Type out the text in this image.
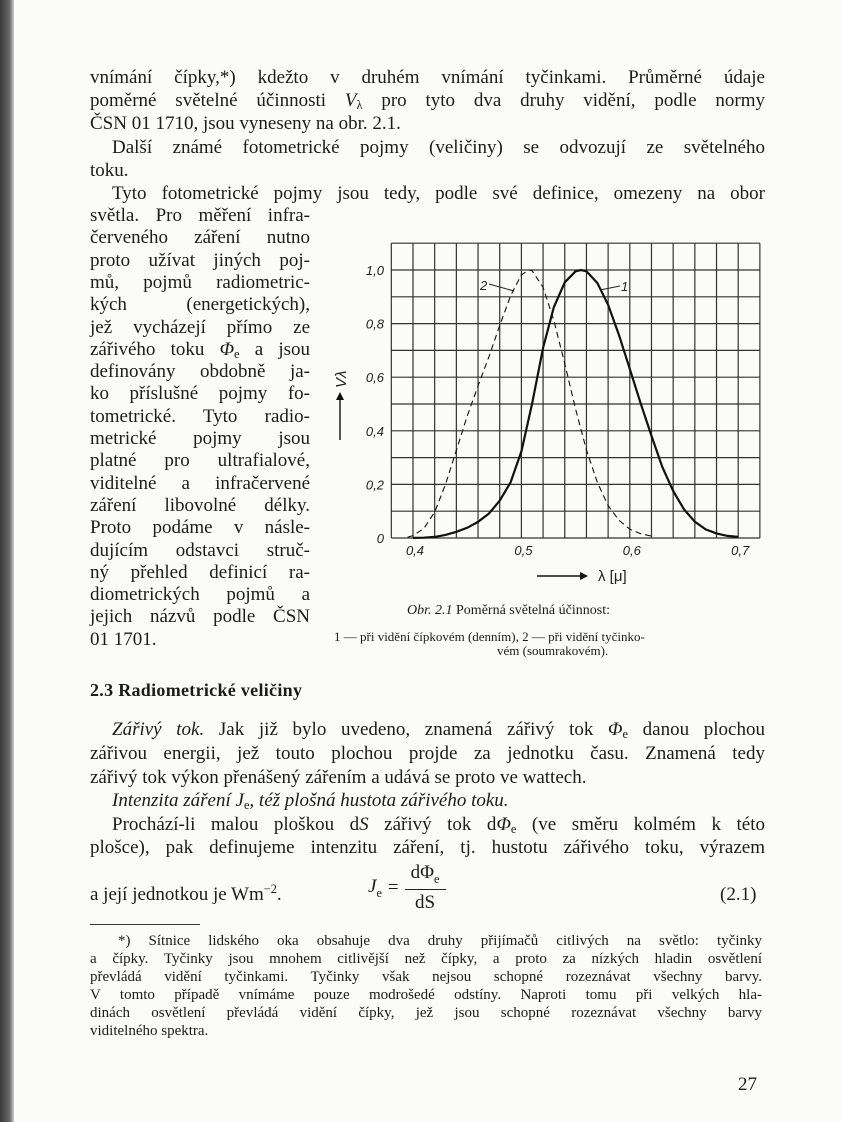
vnímání čípky,*) kdežto v druhém vnímání tyčinkami. Průměrné údaje
poměrné světelné účinnosti $V_\lambda$ pro tyto dva druhy vidění, podle normy
ČSN 01 1710, jsou vyneseny na obr. 2.1.
Další známé fotometrické pojmy (veličiny) se odvozují ze světelného
toku.
Tyto fotometrické pojmy jsou tedy, podle své definice, omezeny na obor
světla. Pro měření infra-
červeného záření nutno
proto užívat jiných poj-
mů, pojmů radiometric-
kých (energetických),
jež vycházejí přímo ze
zářivého toku $\Phi_e$ a jsou
definovány obdobně ja-
ko příslušné pojmy fo-
tometrické. Tyto radio-
metrické pojmy jsou
platné pro ultrafialové,
viditelné a infračervené
záření libovolné délky.
Proto podáme v násle-
dujícím odstavci struč-
ný přehled definicí ra-
diometrických pojmů a
jejich názvů podle ČSN
01 1701.
Zářivý tok. Jak již bylo uvedeno, znamená zářivý tok $\Phi_e$ danou plochou
zářivou energii, jež touto plochou projde za jednotku času. Znamená tedy
zářivý tok výkon přenášený zářením a udává se proto ve wattech.
Intenzita záření $J_e$, též plošná hustota zářivého toku.
Prochází-li malou ploškou dS zářivý tok $d\Phi_e$ (ve směru kolmém k této
plošce), pak definujeme intenzitu záření, tj. hustotu zářivého toku, výrazem
a její jednotkou je $Wm^{-2}$.
*) Sítnice lidského oka obsahuje dva druhy přijímačů citlivých na světlo: tyčinky
a čípky. Tyčinky jsou mnohem citlivější než čípky, a proto za nízkých hladin osvětlení
převládá vidění tyčinkami. Tyčinky však nejsou schopné rozeznávat všechny barvy.
V tomto případě vnímáme pouze modrošedé odstíny. Naproti tomu při velkých hla-
dinách osvětlení převládá vidění čípky, jež jsou schopné rozeznávat všechny barvy
viditelného spektra.
2.3 Radiometrické veličiny
$J_e = \frac{d\Phi_e}{dS}$	(2.1)
27
0
0,2
0,4
0,6
0,8
1,0
0,4	0,5	0,6	0,7
2	1
λ [μ]
Vλ
Obr. 2.1 Poměrná světelná účinnost:
1 — při vidění čípkovém (denním), 2 — při vidění tyčinko-
vém (soumrakovém).
